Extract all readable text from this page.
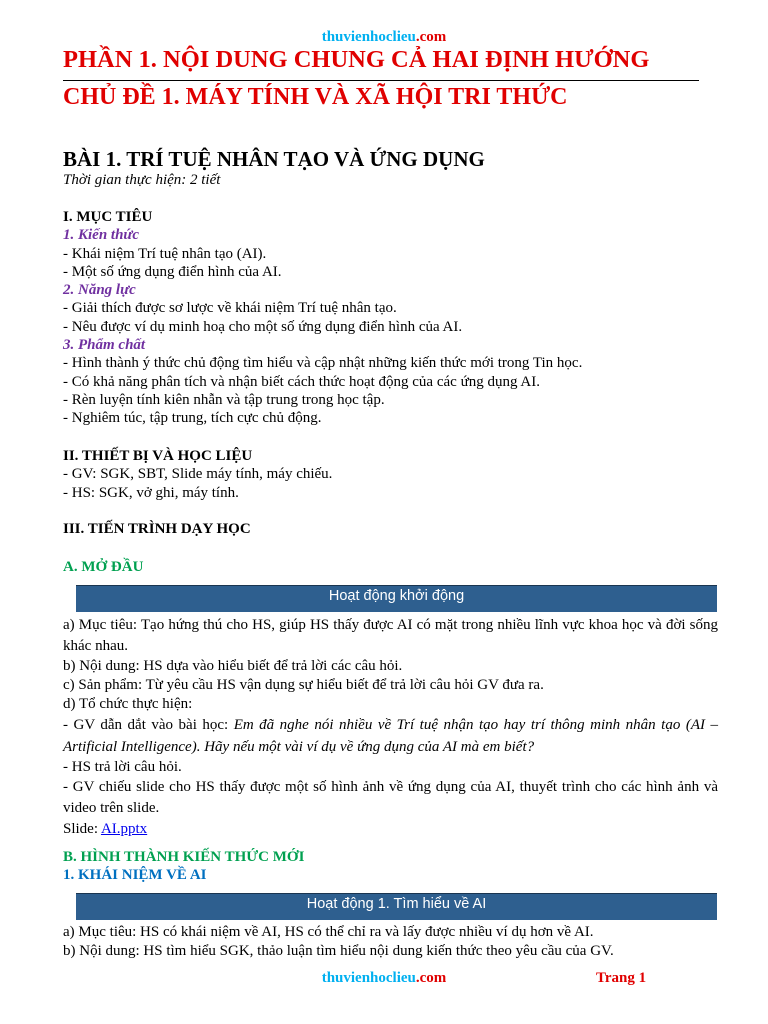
thuvienhoclieu.com
PHẦN 1. NỘI DUNG CHUNG CẢ HAI ĐỊNH HƯỚNG
CHỦ ĐỀ 1. MÁY TÍNH VÀ XÃ HỘI TRI THỨC
BÀI 1. TRÍ TUỆ NHÂN TẠO VÀ ỨNG DỤNG
Thời gian thực hiện: 2 tiết

I. MỤC TIÊU

1. Kiến thức

- Khái niệm Trí tuệ nhân tạo (AI).

- Một số ứng dụng điển hình của AI.

2. Năng lực

- Giải thích được sơ lược về khái niệm Trí tuệ nhân tạo.

- Nêu được ví dụ minh hoạ cho một số ứng dụng điển hình của AI.

3. Phẩm chất

- Hình thành ý thức chủ động tìm hiểu và cập nhật những kiến thức mới trong Tin học.

- Có khả năng phân tích và nhận biết cách thức hoạt động của các ứng dụng AI.

- Rèn luyện tính kiên nhẫn và tập trung trong học tập.

- Nghiêm túc, tập trung, tích cực chủ động.

II. THIẾT BỊ VÀ HỌC LIỆU

- GV: SGK, SBT, Slide máy tính, máy chiếu.

- HS: SGK, vở ghi, máy tính.

III. TIẾN TRÌNH DẠY HỌC

A. MỞ ĐẦU

Hoạt động khởi động

a) Mục tiêu: Tạo hứng thú cho HS, giúp HS thấy được AI có mặt trong nhiều lĩnh vực khoa học và đời sống khác nhau.

b) Nội dung: HS dựa vào hiểu biết để trả lời các câu hỏi.

c) Sản phẩm: Từ yêu cầu HS vận dụng sự hiểu biết để trả lời câu hỏi GV đưa ra.

d) Tổ chức thực hiện:

- GV dẫn dắt vào bài học: Em đã nghe nói nhiều về Trí tuệ nhận tạo hay trí thông minh nhân tạo (AI – Artificial Intelligence). Hãy nếu một vài ví dụ về ứng dụng của AI mà em biết?

- HS trả lời câu hỏi.

- GV chiếu slide cho HS thấy được một số hình ảnh về ứng dụng của AI, thuyết trình cho các hình ảnh và video trên slide.

Slide: AI.pptx

B. HÌNH THÀNH KIẾN THỨC MỚI

1. KHÁI NIỆM VỀ AI

Hoạt động 1. Tìm hiểu về AI

a) Mục tiêu: HS có khái niệm về AI, HS có thể chỉ ra và lấy được nhiều ví dụ hơn về AI.

b) Nội dung: HS tìm hiểu SGK, thảo luận tìm hiểu nội dung kiến thức theo yêu cầu của GV.

thuvienhoclieu.com	Trang 1
